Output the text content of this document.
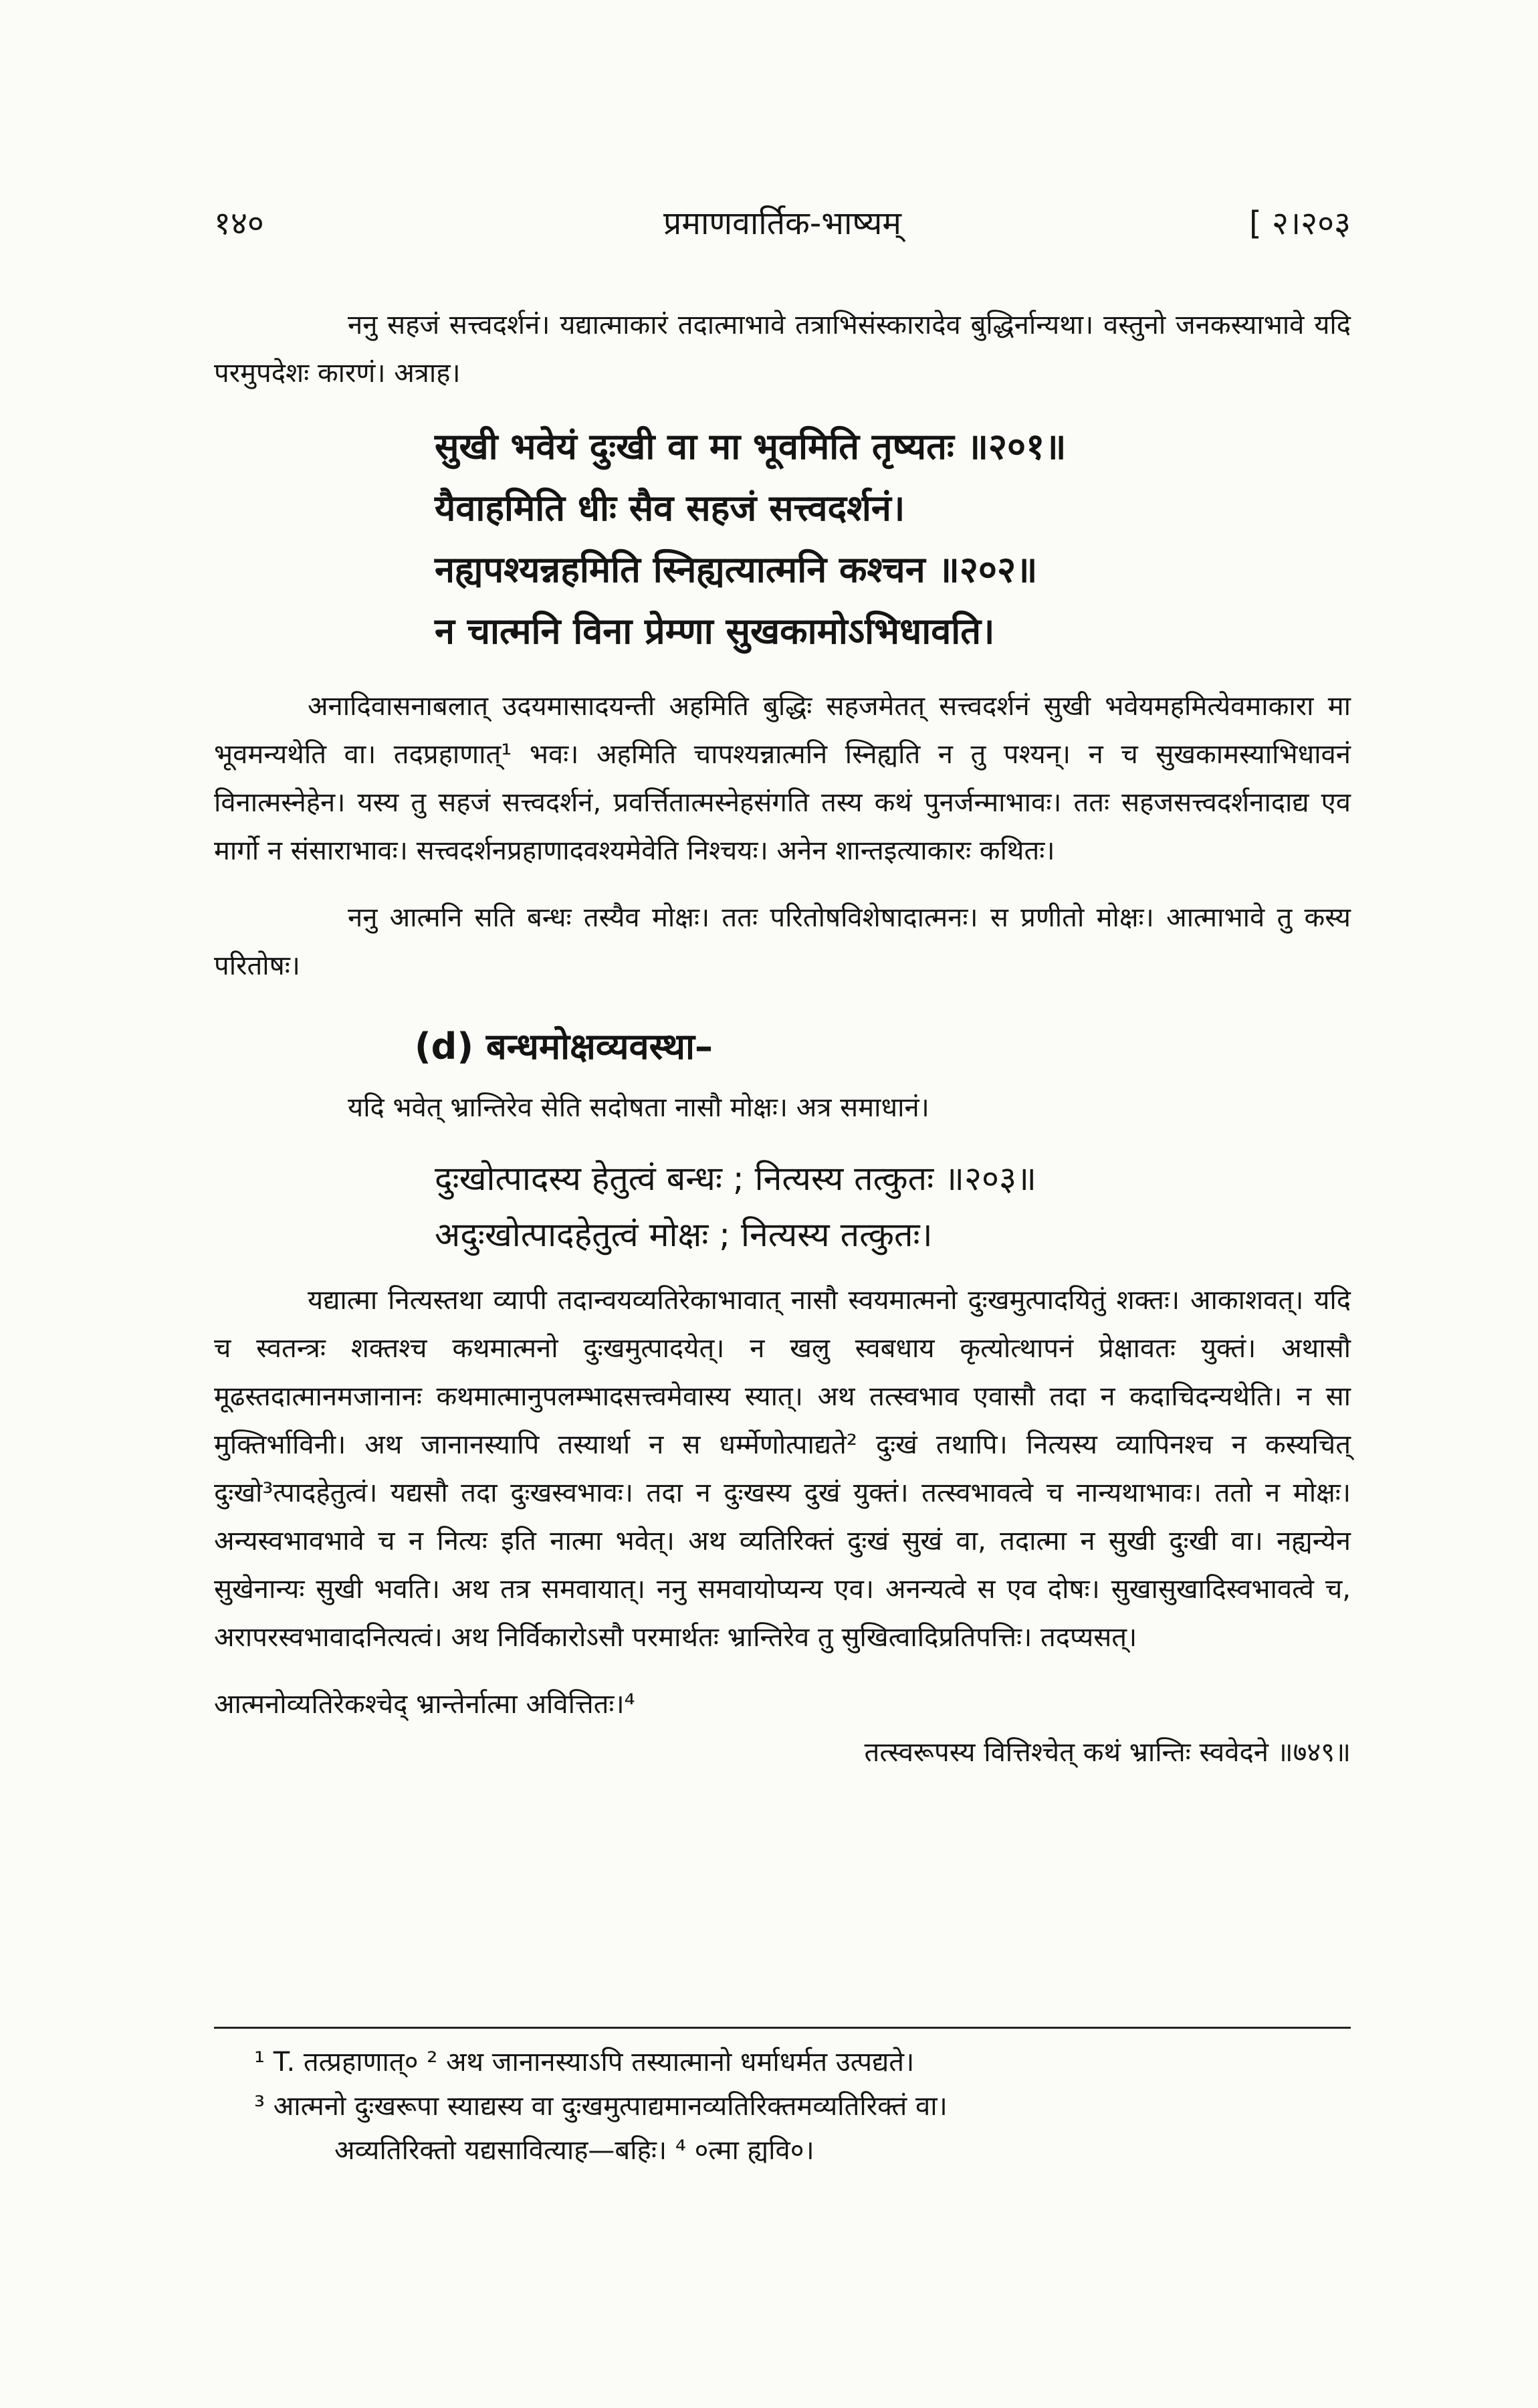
१४०	प्रमाणवार्तिक-भाष्यम्	[ २।२०३

ननु सहजं सत्त्वदर्शनं। यद्यात्माकारं तदात्माभावे तत्राभिसंस्कारादेव बुद्धिर्नान्यथा। वस्तुनो जनकस्याभावे यदि परमुपदेशः कारणं। अत्राह।

सुखी भवेयं दुःखी वा मा भूवमिति तृष्यतः ॥२०१॥
यैवाहमिति धीः सैव सहजं सत्त्वदर्शनं।
नह्यपश्यन्नहमिति स्निह्यत्यात्मनि कश्चन ॥२०२॥
न चात्मनि विना प्रेम्णा सुखकामोऽभिधावति।

अनादिवासनाबलात् उदयमासादयन्ती अहमिति बुद्धिः सहजमेतत् सत्त्वदर्शनं सुखी भवेयमहमित्येवमाकारा मा भूवमन्यथेति वा। तदप्रहाणात्¹ भवः। अहमिति चापश्यन्नात्मनि स्निह्यति न तु पश्यन्। न च सुखकामस्याभिधावनं विनात्मस्नेहेन। यस्य तु सहजं सत्त्वदर्शनं, प्रवर्त्तितात्मस्नेहसंगति तस्य कथं पुनर्जन्माभावः। ततः सहजसत्त्वदर्शनादाद्य एव मार्गो न संसाराभावः। सत्त्वदर्शनप्रहाणादवश्यमेवेति निश्चयः। अनेन शान्तइत्याकारः कथितः।

ननु आत्मनि सति बन्धः तस्यैव मोक्षः। ततः परितोषविशेषादात्मनः। स प्रणीतो मोक्षः। आत्माभावे तु कस्य परितोषः।

(d) बन्धमोक्षव्यवस्था–

यदि भवेत् भ्रान्तिरेव सेति सदोषता नासौ मोक्षः। अत्र समाधानं।

दुःखोत्पादस्य हेतुत्वं बन्धः ; नित्यस्य तत्कुतः ॥२०३॥
अदुःखोत्पादहेतुत्वं मोक्षः ; नित्यस्य तत्कुतः।

यद्यात्मा नित्यस्तथा व्यापी तदान्वयव्यतिरेकाभावात् नासौ स्वयमात्मनो दुःखमुत्पादयितुं शक्तः। आकाशवत्। यदि च स्वतन्त्रः शक्तश्च कथमात्मनो दुःखमुत्पादयेत्। न खलु स्वबधाय कृत्योत्थापनं प्रेक्षावतः युक्तं। अथासौ मूढस्तदात्मानमजानानः कथमात्मानुपलम्भादसत्त्वमेवास्य स्यात्। अथ तत्स्वभाव एवासौ तदा न कदाचिदन्यथेति। न सा मुक्तिर्भाविनी। अथ जानानस्यापि तस्यार्था न स धर्म्मेणोत्पाद्यते² दुःखं तथापि। नित्यस्य व्यापिनश्च न कस्यचित् दुःखो³त्पादहेतुत्वं। यद्यसौ तदा दुःखस्वभावः। तदा न दुःखस्य दुखं युक्तं। तत्स्वभावत्वे च नान्यथाभावः। ततो न मोक्षः। अन्यस्वभावभावे च न नित्यः इति नात्मा भवेत्। अथ व्यतिरिक्तं दुःखं सुखं वा, तदात्मा न सुखी दुःखी वा। नह्यन्येन सुखेनान्यः सुखी भवति। अथ तत्र समवायात्। ननु समवायोप्यन्य एव। अनन्यत्वे स एव दोषः। सुखासुखादिस्वभावत्वे च, अरापरस्वभावादनित्यत्वं। अथ निर्विकारोऽसौ परमार्थतः भ्रान्तिरेव तु सुखित्वादिप्रतिपत्तिः। तदप्यसत्।

आत्मनोव्यतिरेकश्चेद् भ्रान्तेर्नात्मा अवित्तितः।⁴

तत्स्वरूपस्य वित्तिश्चेत् कथं भ्रान्तिः स्ववेदने ॥७४९॥

¹ T. तत्प्रहाणात्० ² अथ जानानस्याऽपि तस्यात्मानो धर्माधर्मत उत्पद्यते।

³ आत्मनो दुःखरूपा स्याद्यस्य वा दुःखमुत्पाद्यमानव्यतिरिक्तमव्यतिरिक्तं वा।

अव्यतिरिक्तो यद्यसावित्याह—बहिः। ⁴ ०त्मा ह्यवि०।
